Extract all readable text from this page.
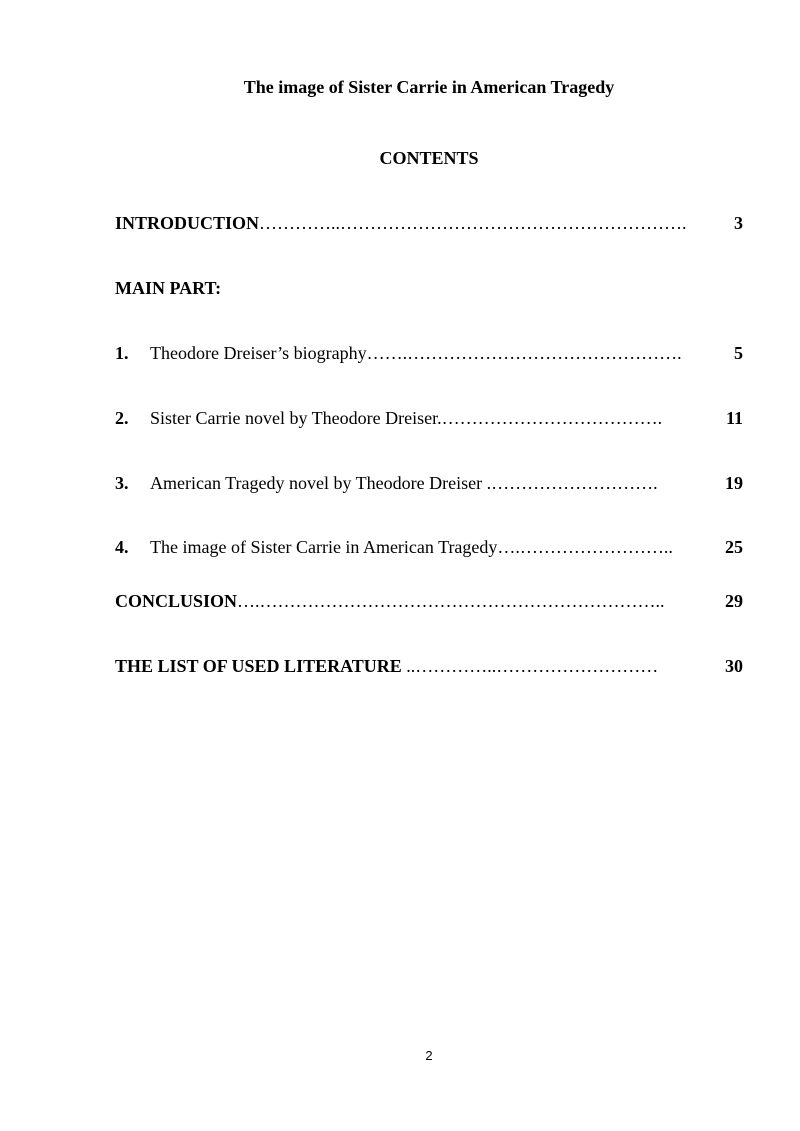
The image of Sister Carrie in American Tragedy
CONTENTS
INTRODUCTION…………..………………………………………………….	3
MAIN PART:
1. Theodore Dreiser’s biography…….……………………………………….	5
2. Sister Carrie novel by Theodore Dreiser.……………………………….	11
3. American Tragedy novel by Theodore Dreiser .……………………….	19
4. The image of Sister Carrie in American Tragedy….……………………..	25
CONCLUSION….…………………………………………………………..	29
THE LIST OF USED LITERATURE ..…………..………………………	30
2
